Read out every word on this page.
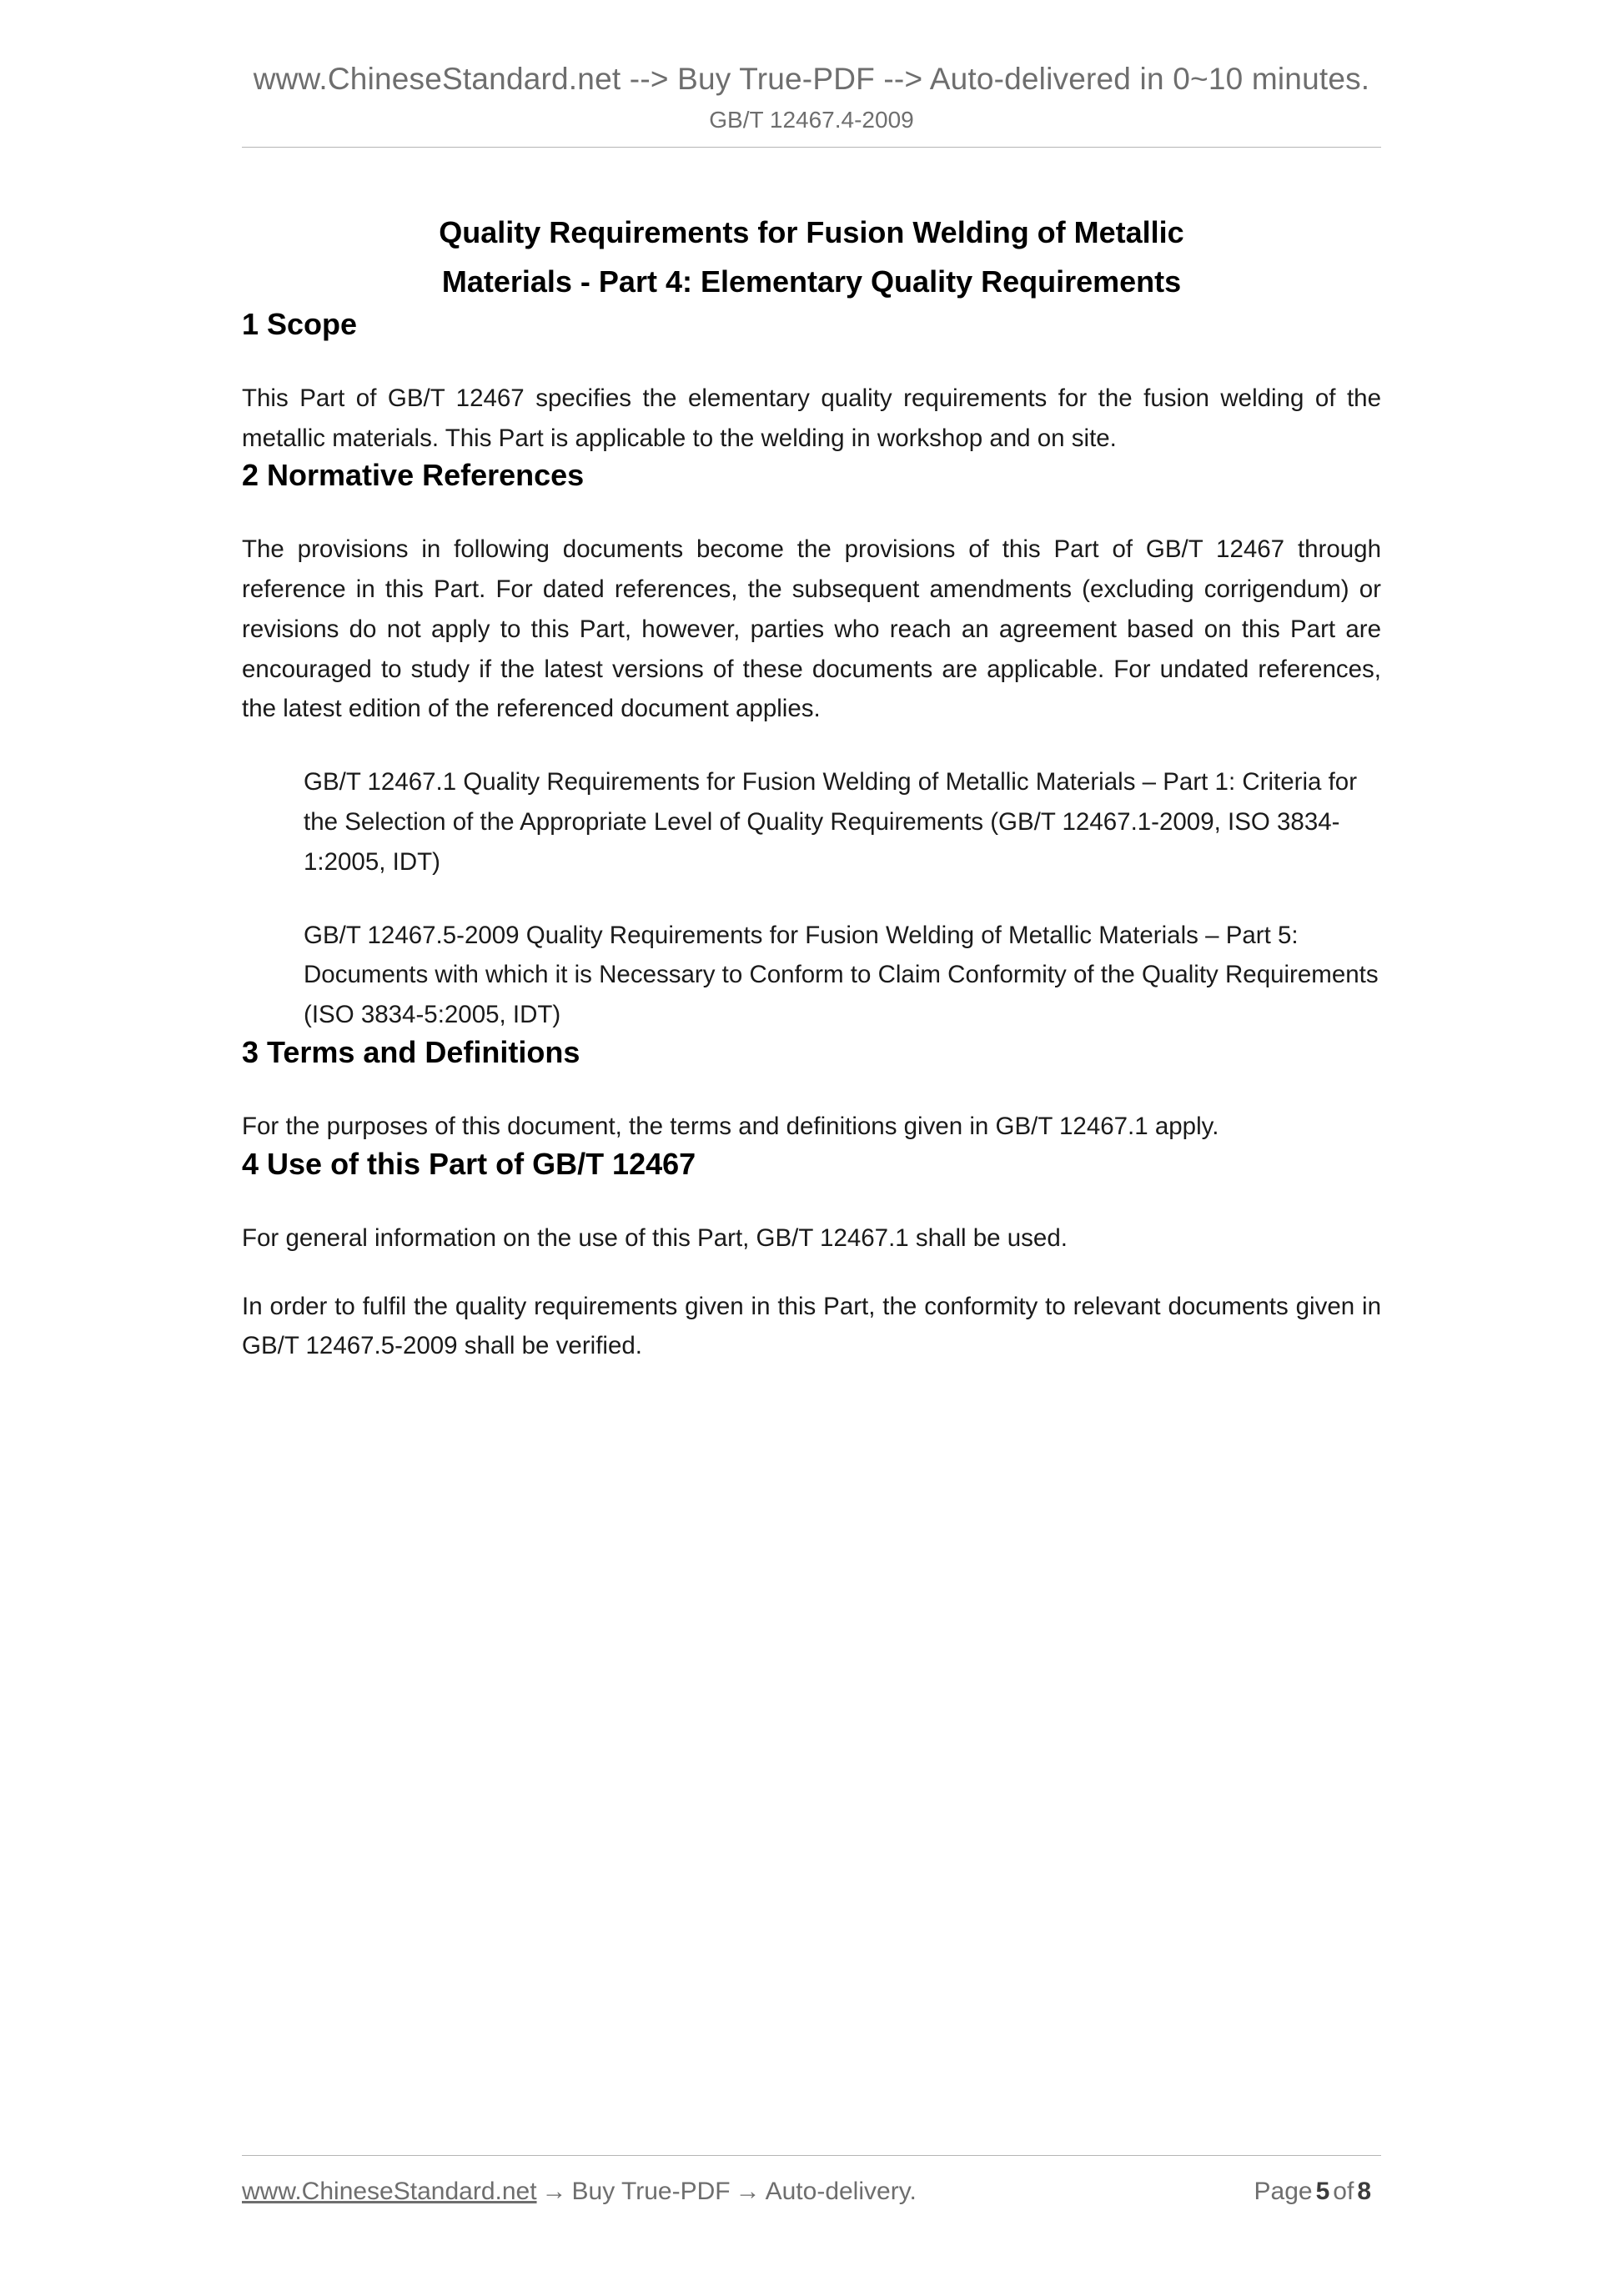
www.ChineseStandard.net --> Buy True-PDF --> Auto-delivered in 0~10 minutes.
GB/T 12467.4-2009
Quality Requirements for Fusion Welding of Metallic
Materials - Part 4: Elementary Quality Requirements
1 Scope

This Part of GB/T 12467 specifies the elementary quality requirements for the fusion welding of the metallic materials. This Part is applicable to the welding in workshop and on site.

2 Normative References

The provisions in following documents become the provisions of this Part of GB/T 12467 through reference in this Part. For dated references, the subsequent amendments (excluding corrigendum) or revisions do not apply to this Part, however, parties who reach an agreement based on this Part are encouraged to study if the latest versions of these documents are applicable. For undated references, the latest edition of the referenced document applies.

GB/T 12467.1 Quality Requirements for Fusion Welding of Metallic Materials – Part 1: Criteria for the Selection of the Appropriate Level of Quality Requirements (GB/T 12467.1-2009, ISO 3834-1:2005, IDT)

GB/T 12467.5-2009 Quality Requirements for Fusion Welding of Metallic Materials – Part 5: Documents with which it is Necessary to Conform to Claim Conformity of the Quality Requirements (ISO 3834-5:2005, IDT)

3 Terms and Definitions

For the purposes of this document, the terms and definitions given in GB/T 12467.1 apply.

4 Use of this Part of GB/T 12467

For general information on the use of this Part, GB/T 12467.1 shall be used.

In order to fulfil the quality requirements given in this Part, the conformity to relevant documents given in GB/T 12467.5-2009 shall be verified.

www.ChineseStandard.net → Buy True-PDF → Auto-delivery.	Page 5 of 8
